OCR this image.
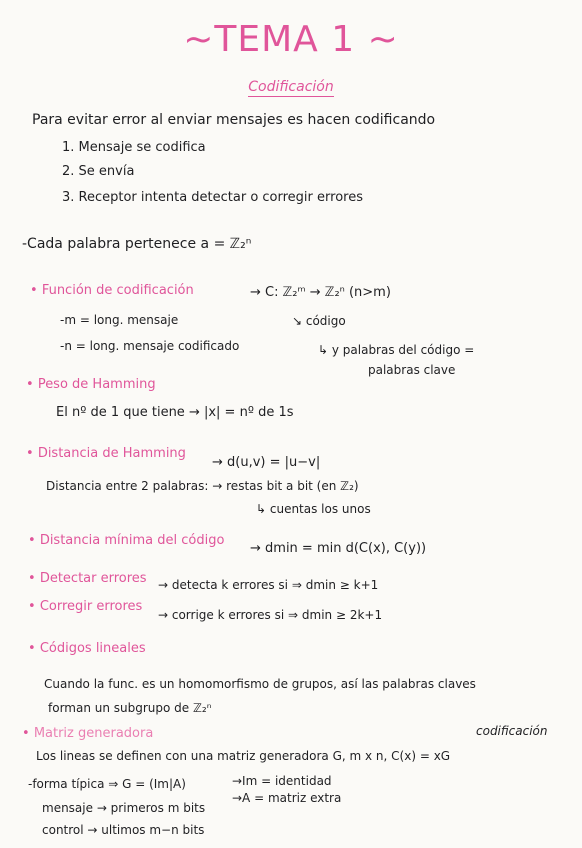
~TEMA 1 ~
Codificación
Para evitar error al enviar mensajes es hacen codificando
1. Mensaje se codifica
2. Se envía
3. Receptor intenta detectar o corregir errores
-Cada palabra pertenece a = ℤ₂ⁿ
• Función de codificación	→ C: ℤ₂ᵐ → ℤ₂ⁿ (n>m)
-m = long. mensaje	↘ código
-n = long. mensaje codificado	↳ y palabras del código =
palabras clave
• Peso de Hamming
El nº de 1 que tiene → |x| = nº de 1s
• Distancia de Hamming
→ d(u,v) = |u−v|
Distancia entre 2 palabras: → restas bit a bit (en ℤ₂)
↳ cuentas los unos
• Distancia mínima del código
→ dmin = min d(C(x), C(y))
• Detectar errores → detecta k errores si ⇒ dmin ≥ k+1
• Corregir errores
→ corrige k errores si ⇒ dmin ≥ 2k+1
• Códigos lineales
Cuando la func. es un homomorfismo de grupos, así las palabras claves
forman un subgrupo de ℤ₂ⁿ
• Matriz generadora	codificación
Los lineas se definen con una matriz generadora G, m x n, C(x) = xG
-forma típica ⇒ G = (Im|A)	→Im = identidad
→A = matriz extra
mensaje → primeros m bits
control → ultimos m−n bits
